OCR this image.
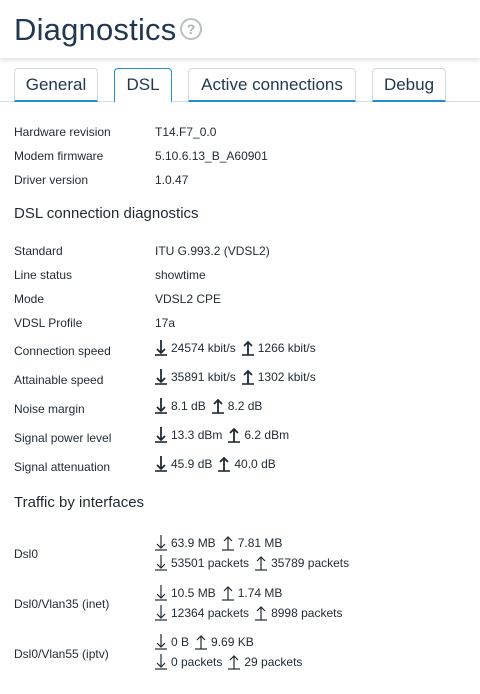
Diagnostics ?
General	DSL	Active connections	Debug
Hardware revision	T14.F7_0.0
Modem firmware	5.10.6.13_B_A60901
Driver version	1.0.47
DSL connection diagnostics
Standard	ITU G.993.2 (VDSL2)
Line status	showtime
Mode	VDSL2 CPE
VDSL Profile	17a
Connection speed	24574 kbit/s 1266 kbit/s
Attainable speed	35891 kbit/s 1302 kbit/s
Noise margin	8.1 dB 8.2 dB
Signal power level	13.3 dBm 6.2 dBm
Signal attenuation	45.9 dB 40.0 dB
Traffic by interfaces
Dsl0
63.9 MB 7.81 MB
53501 packets 35789 packets
Dsl0/Vlan35 (inet)
10.5 MB 1.74 MB
12364 packets 8998 packets
Dsl0/Vlan55 (iptv)
0 B 9.69 KB
0 packets 29 packets
